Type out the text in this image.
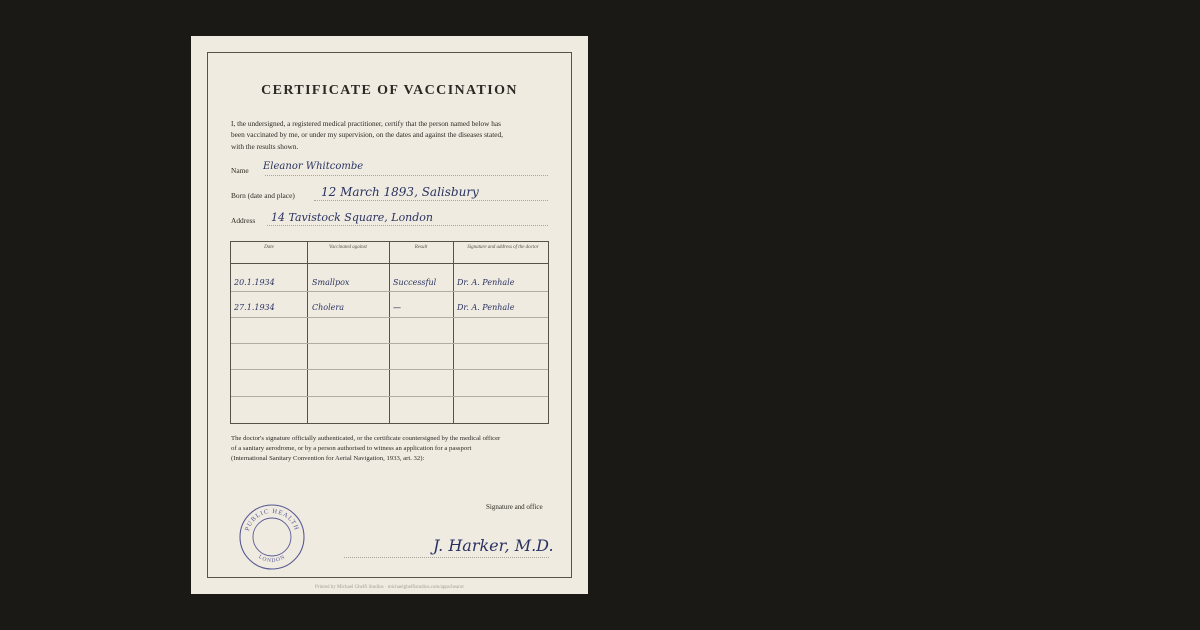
CERTIFICATE OF VACCINATION
I, the undersigned, a registered medical practitioner, certify that the person named below has been vaccinated by me, or under my supervision, on the dates and against the diseases stated, with the results shown.
Name Eleanor Whitcombe
Born (date and place) 12 March 1893, Salisbury
Address 14 Tavistock Square, London
Date	Vaccinated against	Result	Signature and address of the doctor
20.1.1934	Smallpox	Successful	Dr. A. Penhale
27.1.1934	Cholera	—	Dr. A. Penhale
The doctor's signature officially authenticated, or the certificate countersigned by the medical officer of a sanitary aerodrome, or by a person authorised to witness an application for a passport (International Sanitary Convention for Aerial Navigation, 1933, art. 32):
Signature and office
J. Harker, M.D.
PUBLIC HEALTH
LONDON
Printed by Michael Ghelfi Studios · michaelghelfistudios.com/apps/hearor
